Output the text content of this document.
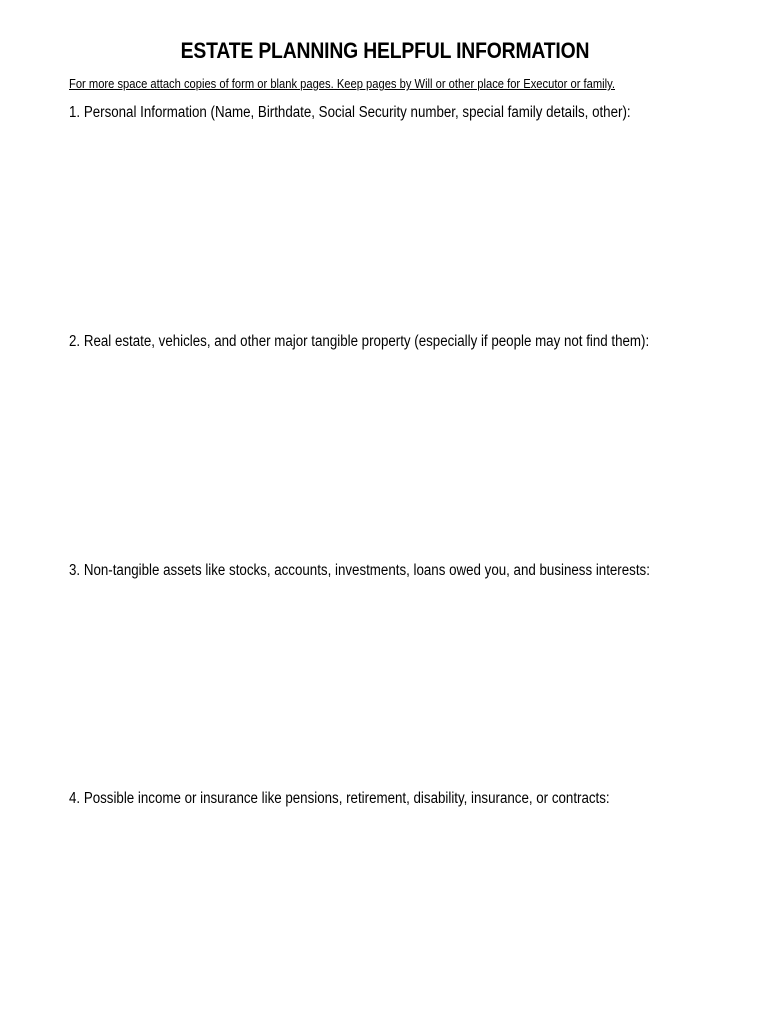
ESTATE PLANNING HELPFUL INFORMATION
For more space attach copies of form or blank pages. Keep pages by Will or other place for Executor or family.
1. Personal Information (Name, Birthdate, Social Security number, special family details, other):
2. Real estate, vehicles, and other major tangible property (especially if people may not find them):
3. Non-tangible assets like stocks, accounts, investments, loans owed you, and business interests:
4. Possible income or insurance like pensions, retirement, disability, insurance, or contracts:
